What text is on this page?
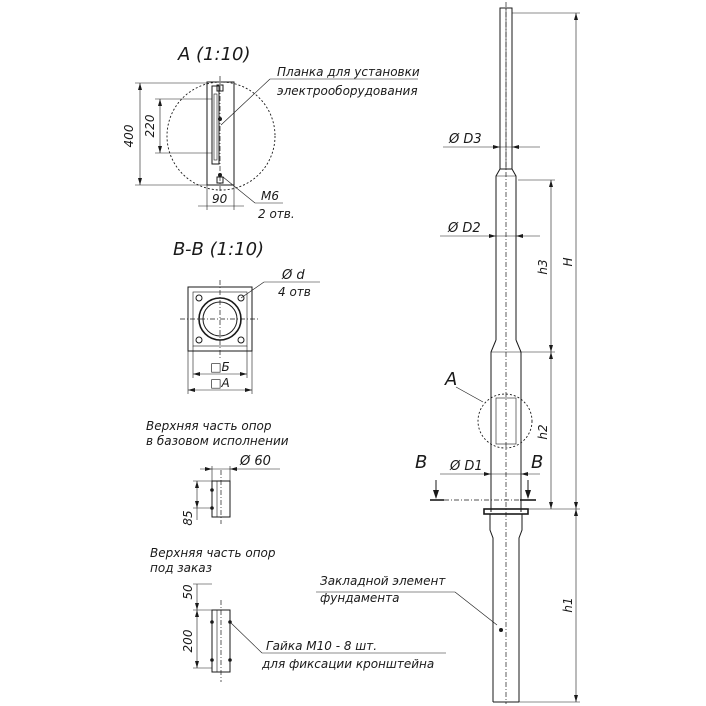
A (1:10)
400 220
90
Планка для установки
электрооборудования
M6
2 отв.
B-B (1:10)
Ø d
4 отв
□Б
□A
Верхняя часть опор
в базовом исполнении
Ø 60
85
Верхняя часть опор
под заказ
50
200	Гайка M10 - 8 шт.
для фиксации кронштейна
A
Ø D3
Ø D2
Ø D1
B	B
H
h3
h2
h1
Закладной элемент
фундамента
